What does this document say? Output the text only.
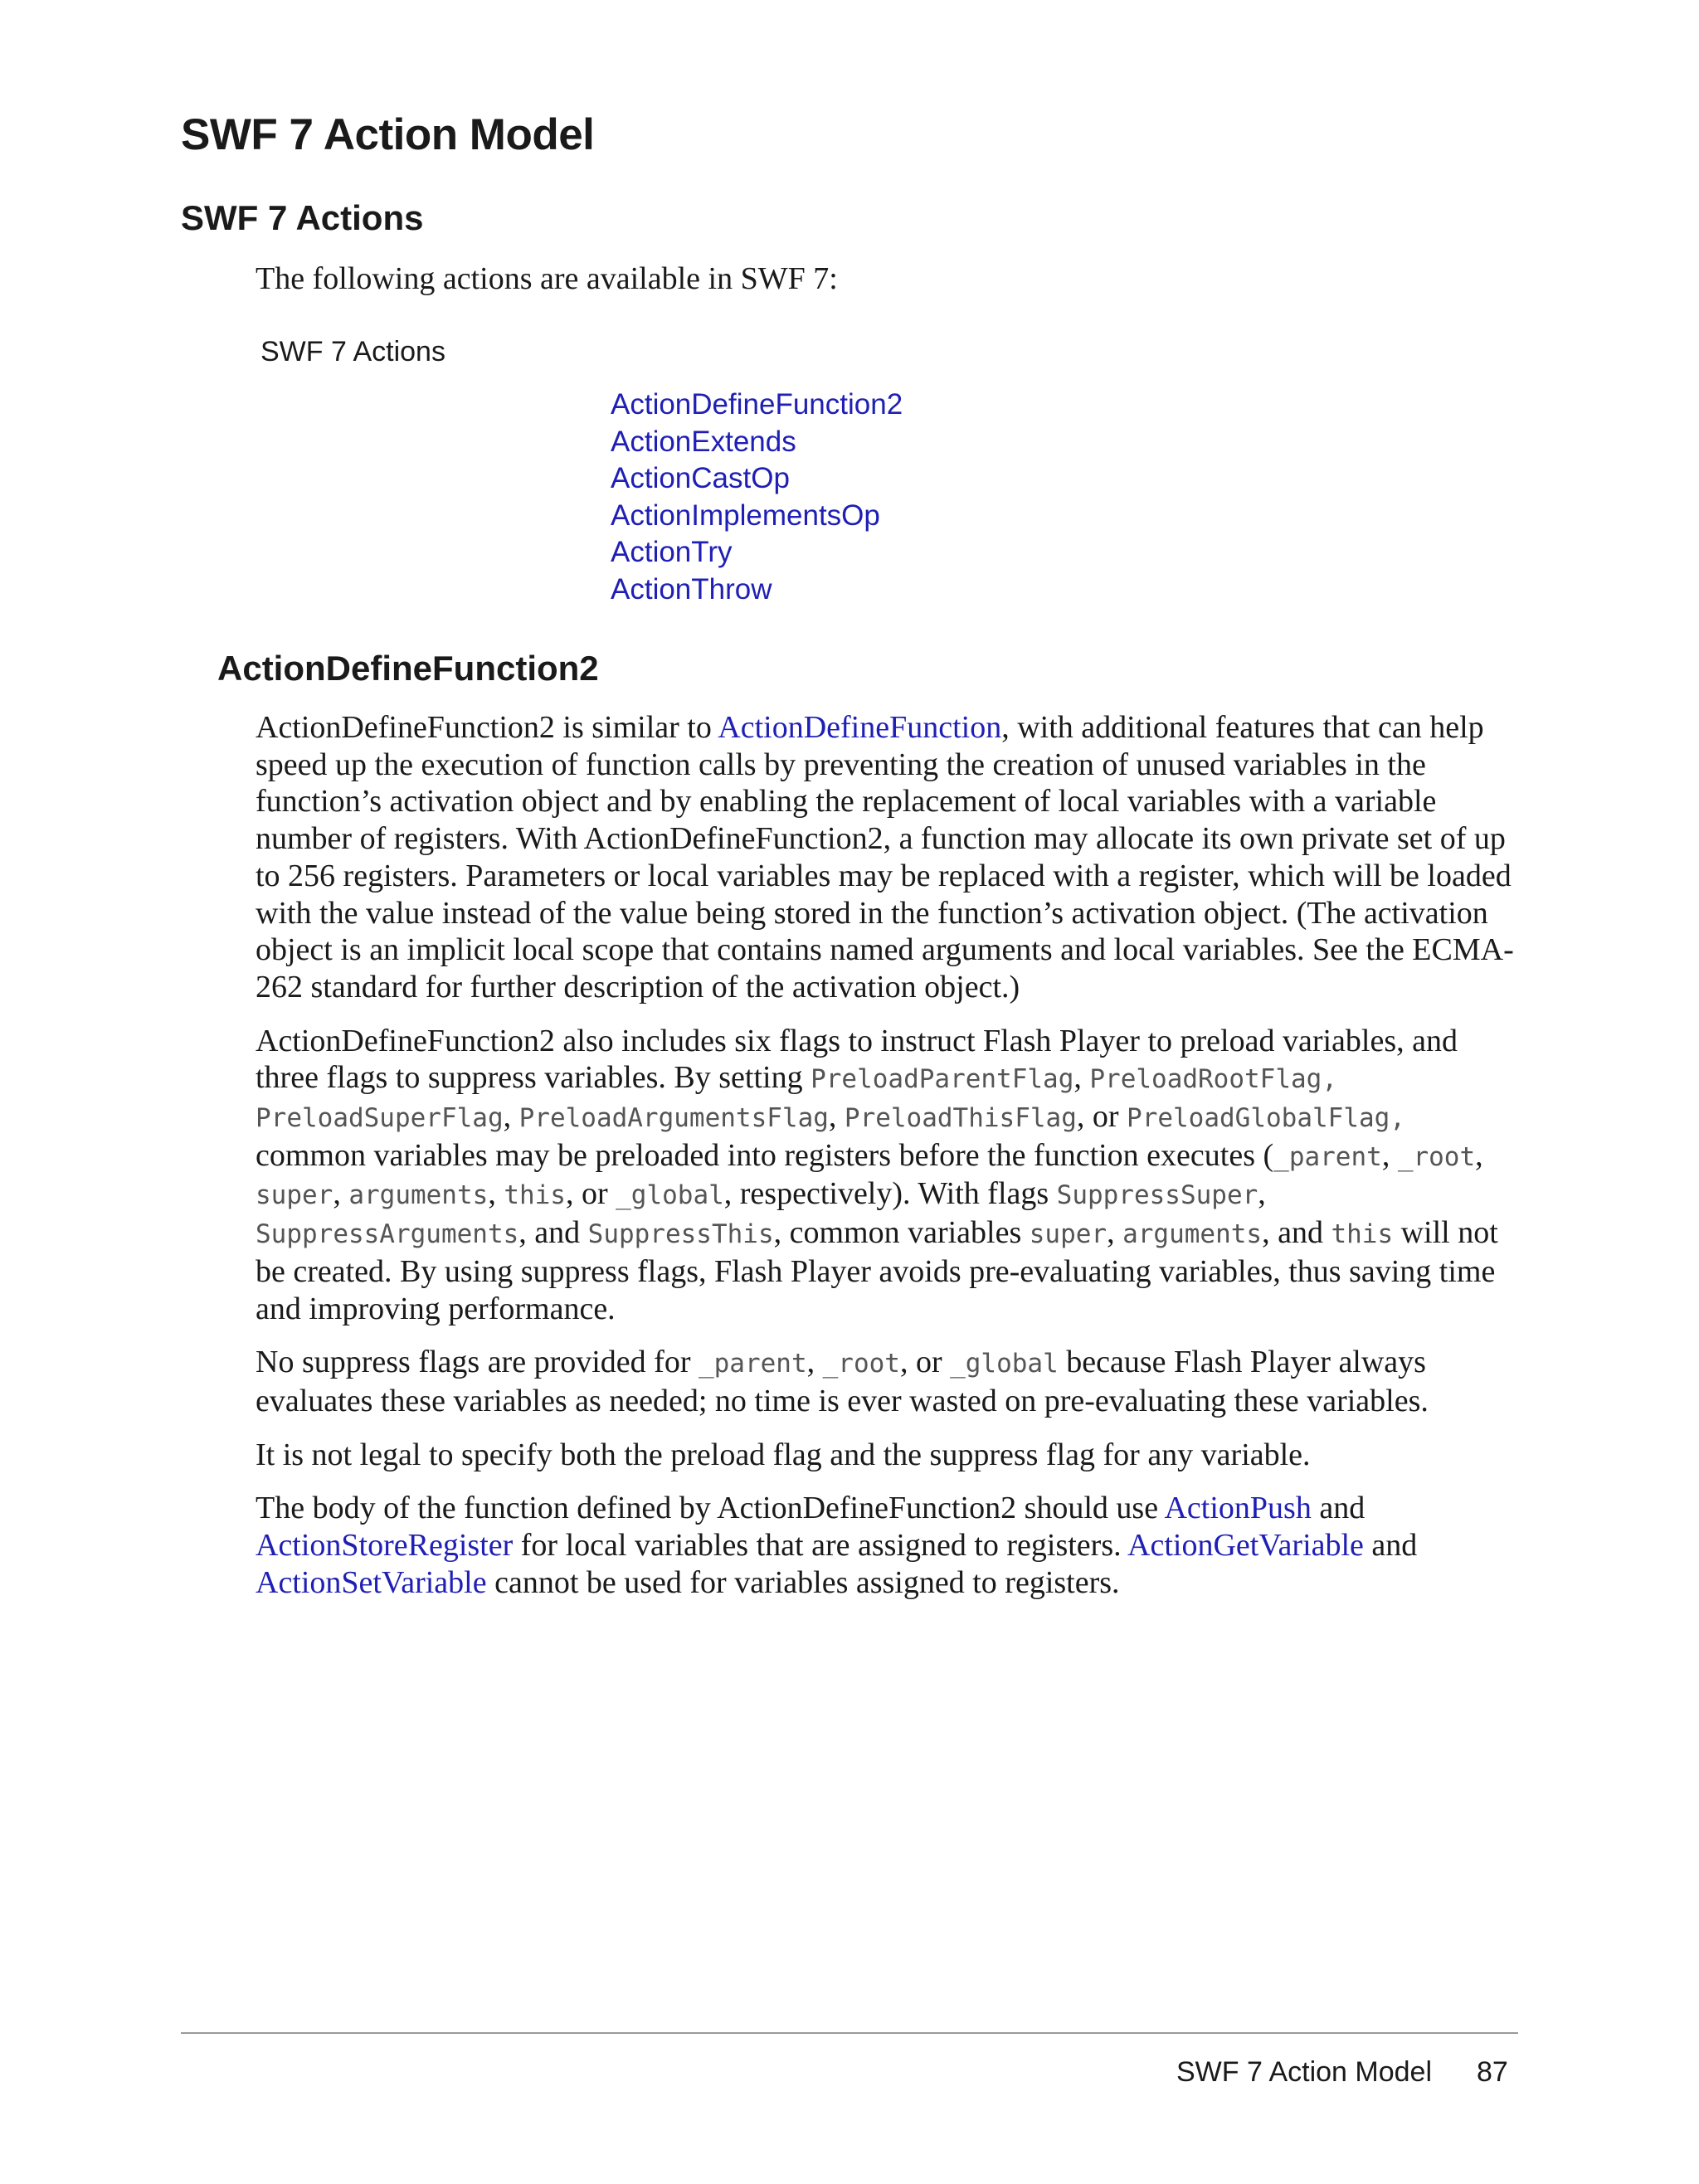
SWF 7 Action Model
SWF 7 Actions

The following actions are available in SWF 7:

SWF 7 Actions
ActionDefineFunction2
ActionExtends
ActionCastOp
ActionImplementsOp
ActionTry
ActionThrow
ActionDefineFunction2

ActionDefineFunction2 is similar to ActionDefineFunction, with additional features that can help speed up the execution of function calls by preventing the creation of unused variables in the function’s activation object and by enabling the replacement of local variables with a variable number of registers. With ActionDefineFunction2, a function may allocate its own private set of up to 256 registers. Parameters or local variables may be replaced with a register, which will be loaded with the value instead of the value being stored in the function’s activation object. (The activation object is an implicit local scope that contains named arguments and local variables. See the ECMA-262 standard for further description of the activation object.)

ActionDefineFunction2 also includes six flags to instruct Flash Player to preload variables, and three flags to suppress variables. By setting PreloadParentFlag, PreloadRootFlag, PreloadSuperFlag, PreloadArgumentsFlag, PreloadThisFlag, or PreloadGlobalFlag, common variables may be preloaded into registers before the function executes (_parent, _root, super, arguments, this, or _global, respectively). With flags SuppressSuper, SuppressArguments, and SuppressThis, common variables super, arguments, and this will not be created. By using suppress flags, Flash Player avoids pre-evaluating variables, thus saving time and improving performance.

No suppress flags are provided for _parent, _root, or _global because Flash Player always evaluates these variables as needed; no time is ever wasted on pre-evaluating these variables.

It is not legal to specify both the preload flag and the suppress flag for any variable.

The body of the function defined by ActionDefineFunction2 should use ActionPush and ActionStoreRegister for local variables that are assigned to registers. ActionGetVariable and ActionSetVariable cannot be used for variables assigned to registers.

SWF 7 Action Model 87
